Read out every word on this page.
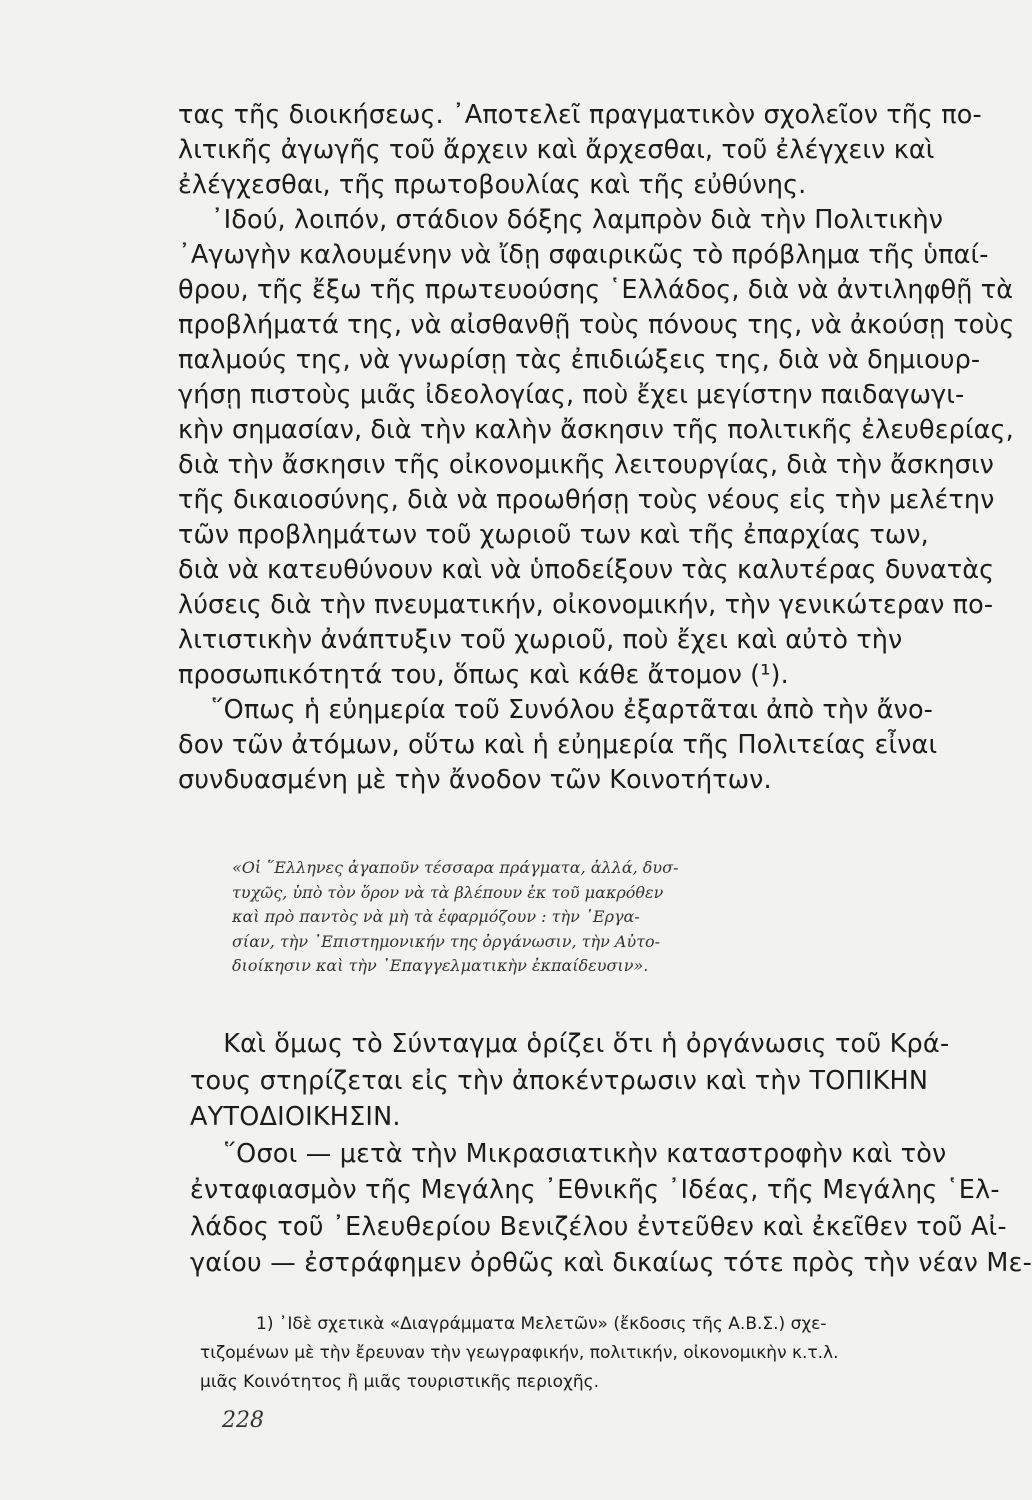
τας τῆς διοικήσεως. ᾿Αποτελεῖ πραγματικὸν σχολεῖον τῆς πο-
λιτικῆς ἀγωγῆς τοῦ ἄρχειν καὶ ἄρχεσθαι, τοῦ ἐλέγχειν καὶ
ἐλέγχεσθαι, τῆς πρωτοβουλίας καὶ τῆς εὐθύνης.
᾿Ιδού, λοιπόν, στάδιον δόξης λαμπρὸν διὰ τὴν Πολιτικὴν
᾿Αγωγὴν καλουμένην νὰ ἴδῃ σφαιρικῶς τὸ πρόβλημα τῆς ὑπαί-
θρου, τῆς ἔξω τῆς πρωτευούσης ῾Ελλάδος, διὰ νὰ ἀντιληφθῇ τὰ
προβλήματά της, νὰ αἰσθανθῇ τοὺς πόνους της, νὰ ἀκούσῃ τοὺς
παλμούς της, νὰ γνωρίσῃ τὰς ἐπιδιώξεις της, διὰ νὰ δημιουρ-
γήσῃ πιστοὺς μιᾶς ἰδεολογίας, ποὺ ἔχει μεγίστην παιδαγωγι-
κὴν σημασίαν, διὰ τὴν καλὴν ἄσκησιν τῆς πολιτικῆς ἐλευθερίας,
διὰ τὴν ἄσκησιν τῆς οἰκονομικῆς λειτουργίας, διὰ τὴν ἄσκησιν
τῆς δικαιοσύνης, διὰ νὰ προωθήσῃ τοὺς νέους εἰς τὴν μελέτην
τῶν προβλημάτων τοῦ χωριοῦ των καὶ τῆς ἐπαρχίας των,
διὰ νὰ κατευθύνουν καὶ νὰ ὑποδείξουν τὰς καλυτέρας δυνατὰς
λύσεις διὰ τὴν πνευματικήν, οἰκονομικήν, τὴν γενικώτεραν πο-
λιτιστικὴν ἀνάπτυξιν τοῦ χωριοῦ, ποὺ ἔχει καὶ αὐτὸ τὴν
προσωπικότητά του, ὅπως καὶ κάθε ἄτομον (¹).
῞Οπως ἡ εὐημερία τοῦ Συνόλου ἐξαρτᾶται ἀπὸ τὴν ἄνο-
δον τῶν ἀτόμων, οὕτω καὶ ἡ εὐημερία τῆς Πολιτείας εἶναι
συνδυασμένη μὲ τὴν ἄνοδον τῶν Κοινοτήτων.
«Οἱ ῞Ελληνες ἀγαποῦν τέσσαρα πράγματα, ἀλλά, δυσ-
τυχῶς, ὑπὸ τὸν ὅρον νὰ τὰ βλέπουν ἐκ τοῦ μακρόθεν
καὶ πρὸ παντὸς νὰ μὴ τὰ ἐφαρμόζουν : τὴν ᾿Εργα-
σίαν, τὴν ᾿Επιστημονικήν της ὀργάνωσιν, τὴν Αὐτο-
διοίκησιν καὶ τὴν ᾿Επαγγελματικὴν ἐκπαίδευσιν».
Καὶ ὅμως τὸ Σύνταγμα ὁρίζει ὅτι ἡ ὀργάνωσις τοῦ Κρά-
τους στηρίζεται εἰς τὴν ἀποκέντρωσιν καὶ τὴν ΤΟΠΙΚΗΝ
ΑΥΤΟΔΙΟΙΚΗΣΙΝ.
῞Οσοι — μετὰ τὴν Μικρασιατικὴν καταστροφὴν καὶ τὸν
ἐνταφιασμὸν τῆς Μεγάλης ᾿Εθνικῆς ᾿Ιδέας, τῆς Μεγάλης ῾Ελ-
λάδος τοῦ ᾿Ελευθερίου Βενιζέλου ἐντεῦθεν καὶ ἐκεῖθεν τοῦ Αἰ-
γαίου — ἐστράφημεν ὀρθῶς καὶ δικαίως τότε πρὸς τὴν νέαν Με-
1) ᾿Ιδὲ σχετικὰ «Διαγράμματα Μελετῶν» (ἔκδοσις τῆς Α.Β.Σ.) σχε-
τιζομένων μὲ τὴν ἔρευναν τὴν γεωγραφικήν, πολιτικήν, οἰκονομικὴν κ.τ.λ.
μιᾶς Κοινότητος ἢ μιᾶς τουριστικῆς περιοχῆς.
228
